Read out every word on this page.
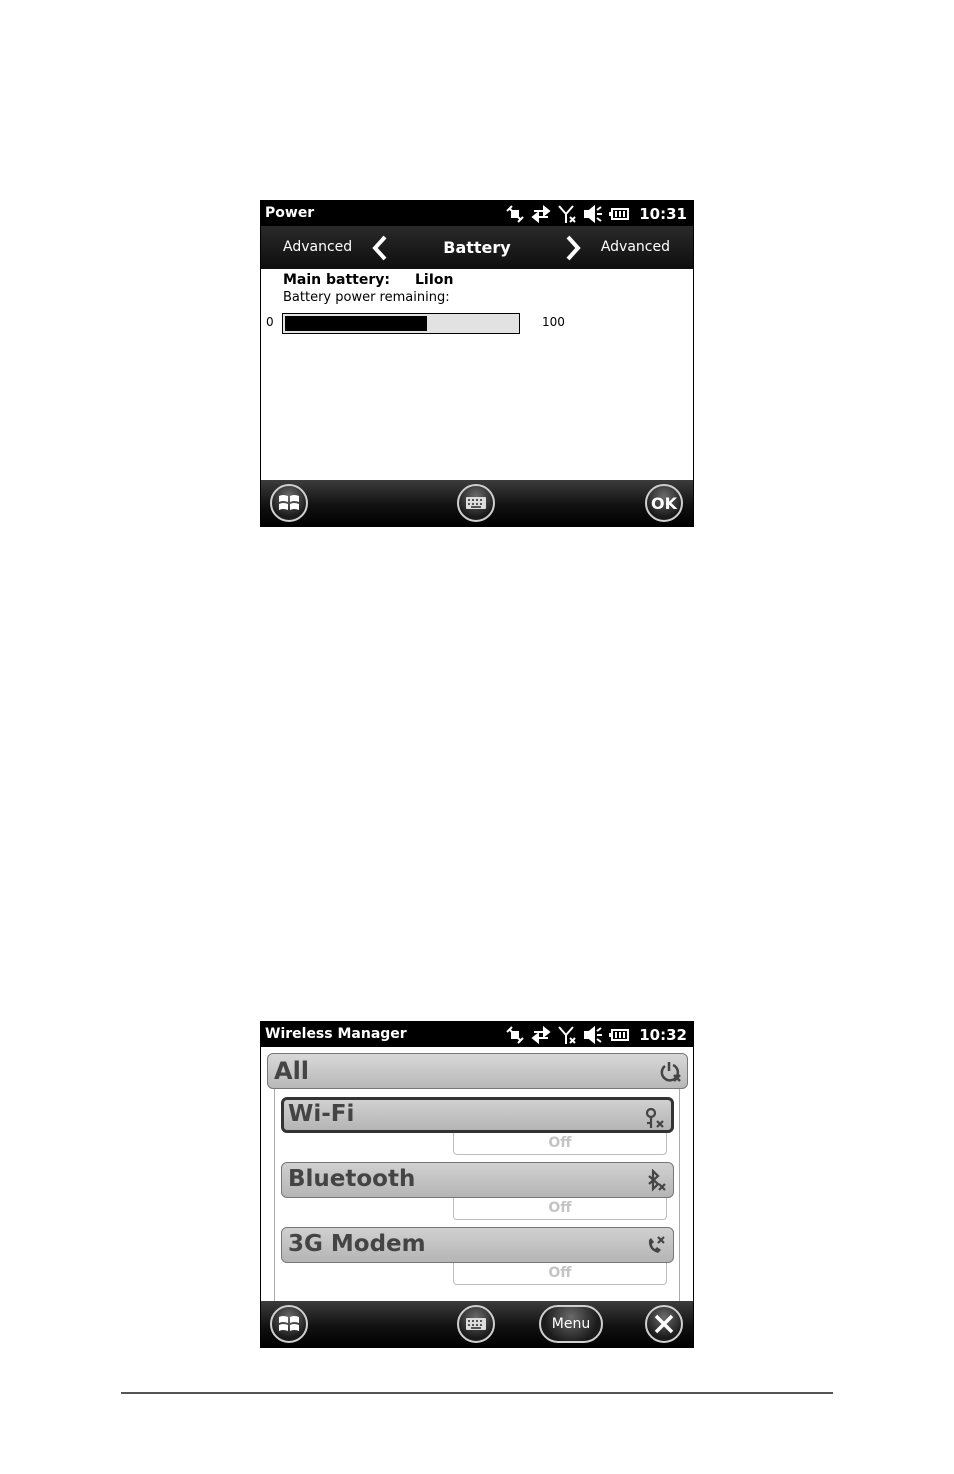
Power	10:31
Advanced	Battery	Advanced
Main battery: LiIon
Battery power remaining:
0	100
OK
Wireless Manager	10:32
All
Wi-Fi
Off
Bluetooth
Off
3G Modem
Off
Menu
